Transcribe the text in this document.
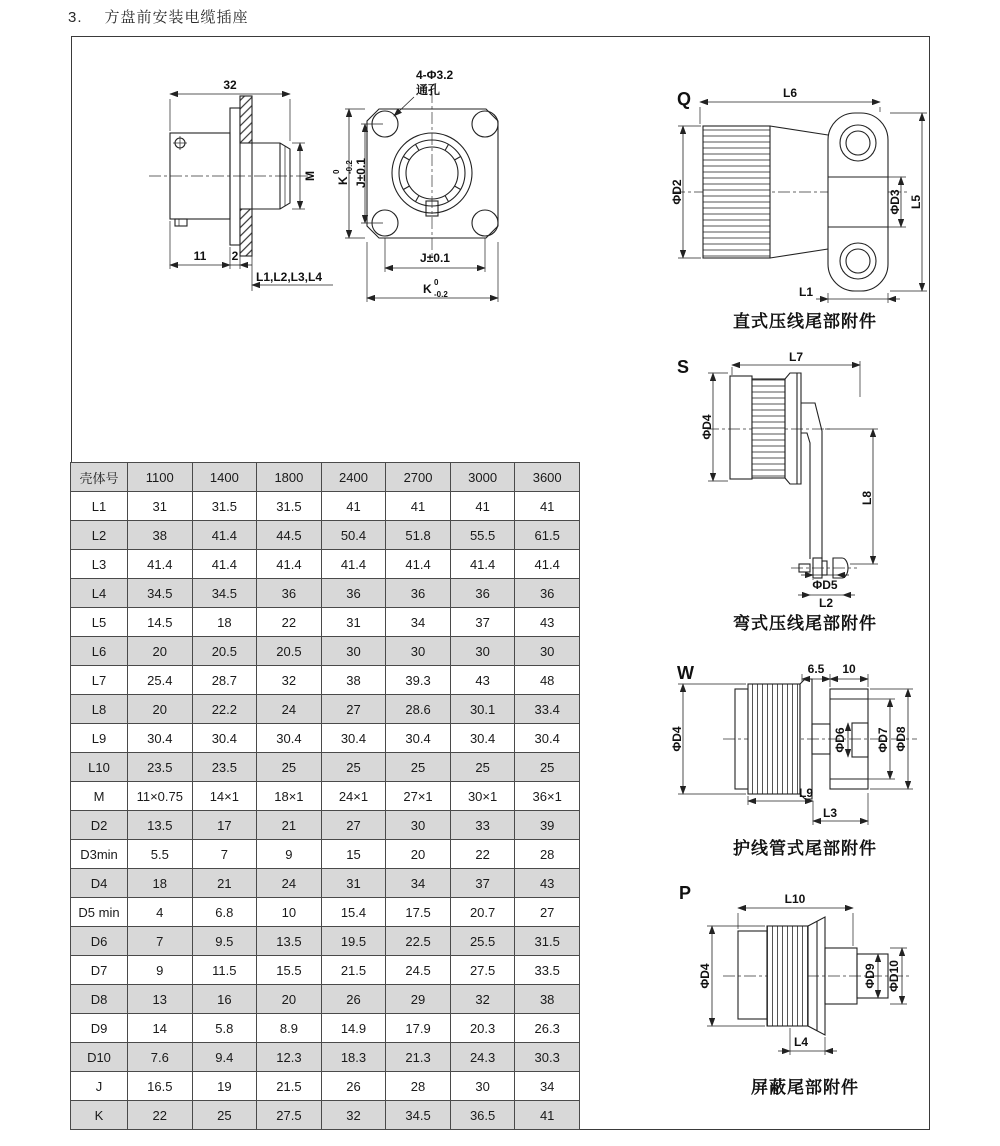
3. 方盘前安装电缆插座
32
M
11 2
L1,L2,L3,L4
4-Φ3.2
通孔
K
0 -0.2 J±0.1
J±0.1
K 0
-0.2
Q	L6
ΦD2	ΦD3 L5
L1
直式压线尾部附件
S	L7
ΦD4
L8
ΦD5
L2
弯式压线尾部附件
W	6.5 10
ΦD4	ΦD6 ΦD7 ΦD8
L9
L3
护线管式尾部附件
P	L10
ΦD4	ΦD9 ΦD10
L4
屏蔽尾部附件
壳体号	1100	1400	1800	2400	2700	3000	3600
L1	31	31.5	31.5	41	41	41	41
L2	38	41.4	44.5	50.4	51.8	55.5	61.5
L3	41.4	41.4	41.4	41.4	41.4	41.4	41.4
L4	34.5	34.5	36	36	36	36	36
L5	14.5	18	22	31	34	37	43
L6	20	20.5	20.5	30	30	30	30
L7	25.4	28.7	32	38	39.3	43	48
L8	20	22.2	24	27	28.6	30.1	33.4
L9	30.4	30.4	30.4	30.4	30.4	30.4	30.4
L10	23.5	23.5	25	25	25	25	25
M	11×0.75	14×1	18×1	24×1	27×1	30×1	36×1
D2	13.5	17	21	27	30	33	39
D3min	5.5	7	9	15	20	22	28
D4	18	21	24	31	34	37	43
D5 min	4	6.8	10	15.4	17.5	20.7	27
D6	7	9.5	13.5	19.5	22.5	25.5	31.5
D7	9	11.5	15.5	21.5	24.5	27.5	33.5
D8	13	16	20	26	29	32	38
D9	14	5.8	8.9	14.9	17.9	20.3	26.3
D10	7.6	9.4	12.3	18.3	21.3	24.3	30.3
J	16.5	19	21.5	26	28	30	34
K	22	25	27.5	32	34.5	36.5	41
